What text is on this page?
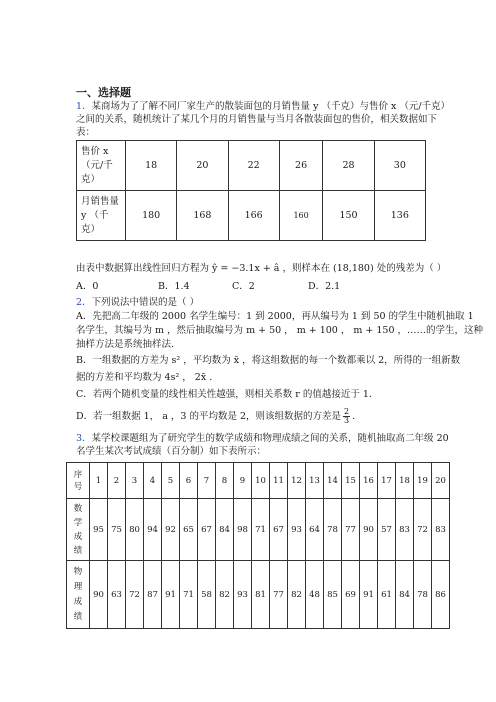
一、选择题
1．某商场为了了解不同厂家生产的散装面包的月销售量 y （千克）与售价 x （元/千克）
之间的关系，随机统计了某几个月的月销售量与当月各散装面包的售价，相关数据如下
表：
售价 x
（元/千
克）	18	20	22	26	28	30

月销售量
y （千
克）	180	168	166	160	150	136
由表中数据算出线性回归方程为 ŷ = −3.1x + â ，则样本在 (18,180) 处的残差为（ ）
A．0	B．1.4	C．2	D．2.1
2．下列说法中错误的是（ ）
A．先把高二年级的 2000 名学生编号：1 到 2000，再从编号为 1 到 50 的学生中随机抽取 1
名学生，其编号为 m ，然后抽取编号为 m + 50 ， m + 100 ， m + 150 ，……的学生，这种
抽样方法是系统抽样法.
B．一组数据的方差为 s² ，平均数为 x̄ ，将这组数据的每一个数都乘以 2，所得的一组新数
据的方差和平均数为 4s² ， 2x̄ .
C．若两个随机变量的线性相关性越强，则相关系数 r 的值越接近于 1.
D．若一组数据 1， a ，3 的平均数是 2，则该组数据的方差是 $\frac{2}{3}$ .
3．某学校课题组为了研究学生的数学成绩和物理成绩之间的关系，随机抽取高二年级 20
名学生某次考试成绩（百分制）如下表所示：
序
号	1	2	3	4	5	6	7	8	9	10	11	12	13	14	15	16	17	18	19	20

数
学
成
绩	95	75	80	94	92	65	67	84	98	71	67	93	64	78	77	90	57	83	72	83

物
理
成
绩	90	63	72	87	91	71	58	82	93	81	77	82	48	85	69	91	61	84	78	86
